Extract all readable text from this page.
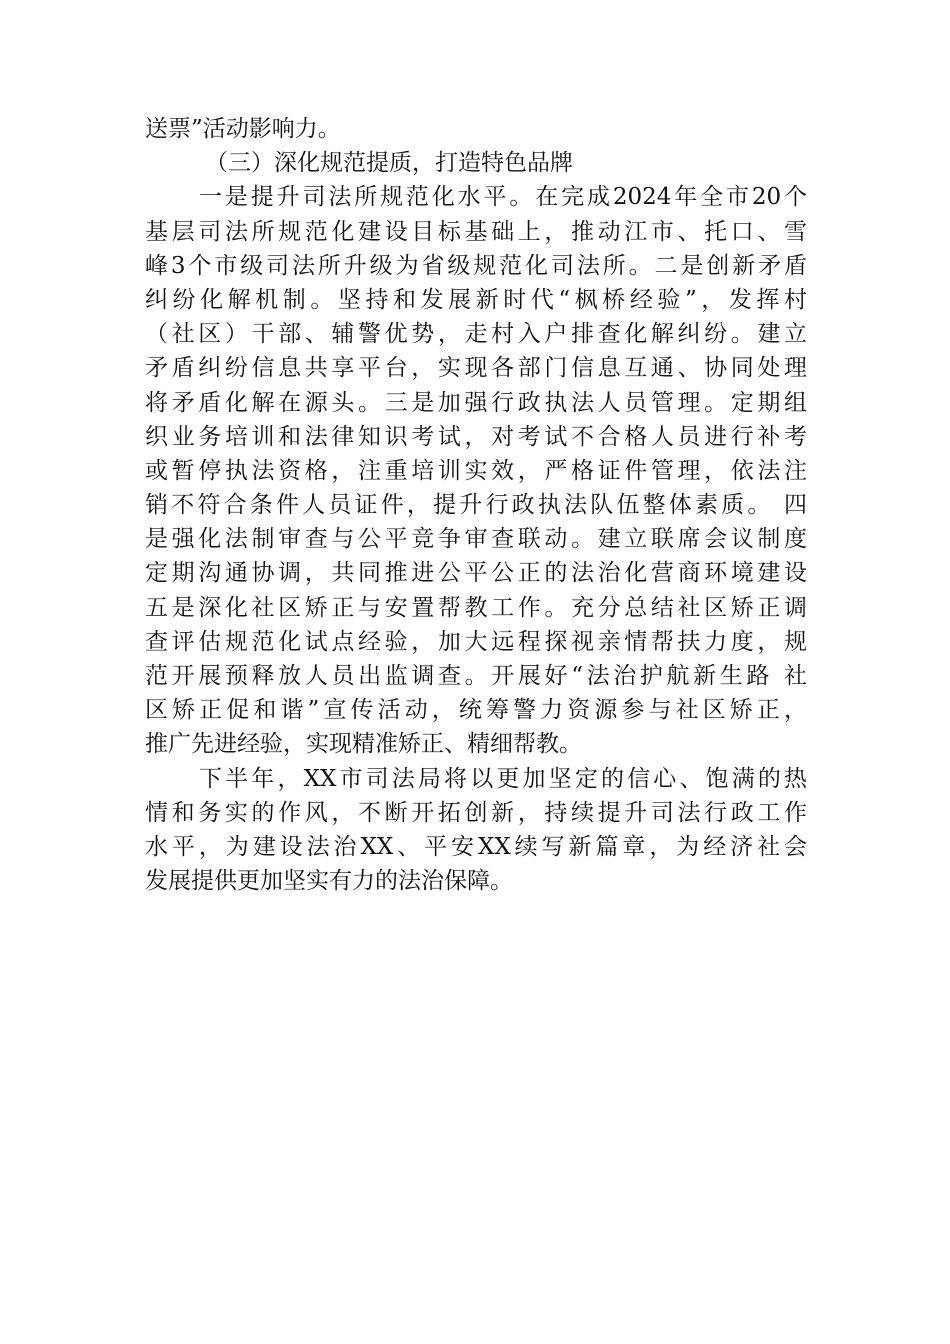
送票”活动影响力。
（三）深化规范提质，打造特色品牌
一是提升司法所规范化水平。在完成2024年全市20个
基层司法所规范化建设目标基础上，推动江市、托口、雪
峰3个市级司法所升级为省级规范化司法所。二是创新矛盾
纠纷化解机制。坚持和发展新时代“枫桥经验”，发挥村
（社区）干部、辅警优势，走村入户排查化解纠纷。建立
矛盾纠纷信息共享平台，实现各部门信息互通、协同处理
将矛盾化解在源头。三是加强行政执法人员管理。定期组
织业务培训和法律知识考试，对考试不合格人员进行补考
或暂停执法资格，注重培训实效，严格证件管理，依法注
销不符合条件人员证件，提升行政执法队伍整体素质。 四
是强化法制审查与公平竞争审查联动。建立联席会议制度
定期沟通协调，共同推进公平公正的法治化营商环境建设
五是深化社区矫正与安置帮教工作。充分总结社区矫正调
查评估规范化试点经验，加大远程探视亲情帮扶力度，规
范开展预释放人员出监调查。开展好“法治护航新生路 社
区矫正促和谐”宣传活动，统筹警力资源参与社区矫正，
推广先进经验，实现精准矫正、精细帮教。
下半年，XX市司法局将以更加坚定的信心、饱满的热
情和务实的作风，不断开拓创新，持续提升司法行政工作
水平，为建设法治XX、平安XX续写新篇章，为经济社会
发展提供更加坚实有力的法治保障。
